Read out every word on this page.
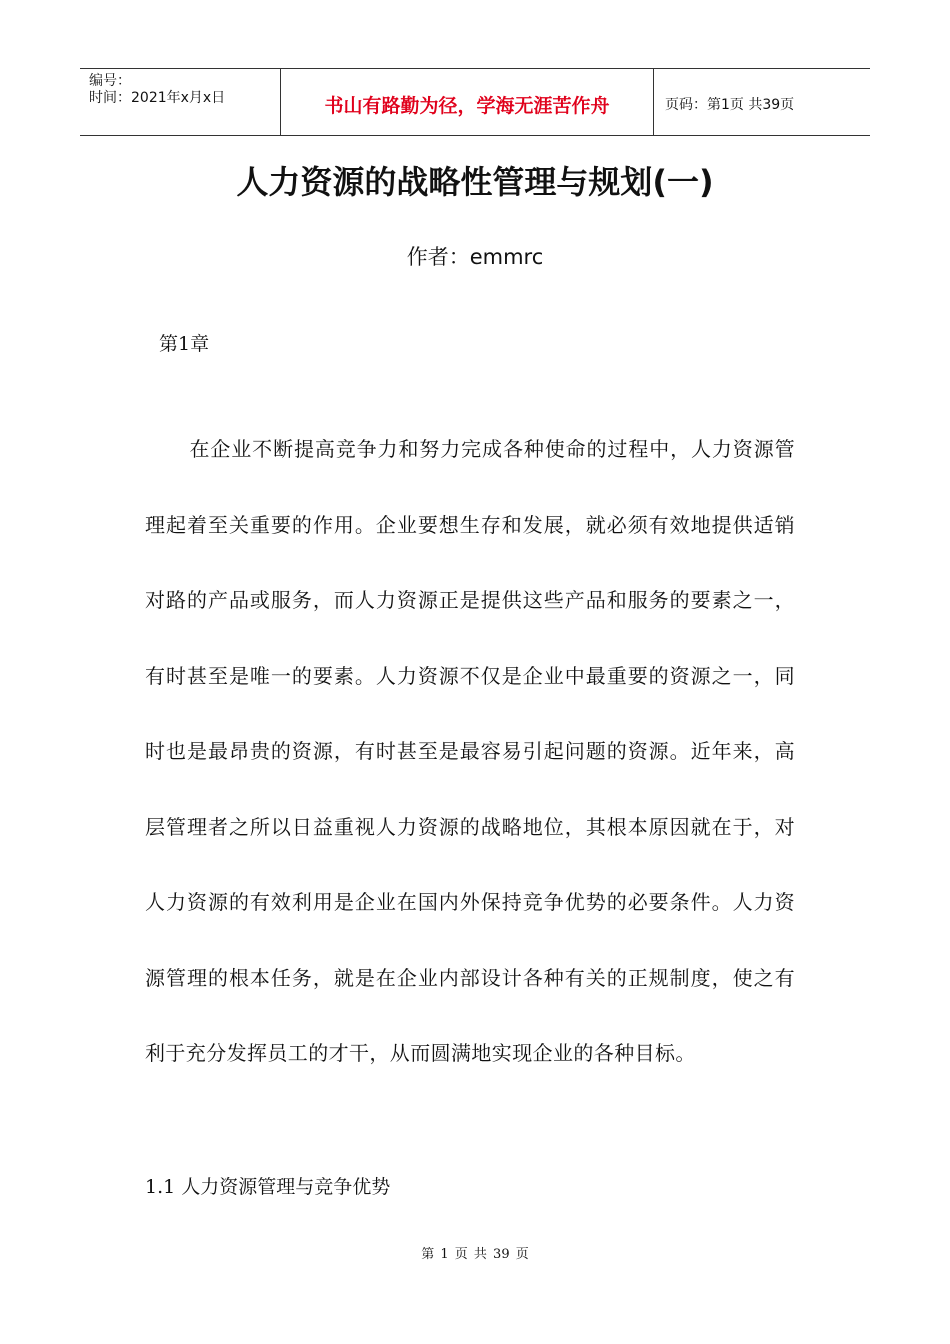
编号：
时间：2021年x月x日	书山有路勤为径，学海无涯苦作舟	页码：第1页 共39页
人力资源的战略性管理与规划(一)
作者：emmrc
第1章

在企业不断提高竞争力和努力完成各种使命的过程中，人力资源管理起着至关重要的作用。企业要想生存和发展，就必须有效地提供适销对路的产品或服务，而人力资源正是提供这些产品和服务的要素之一，有时甚至是唯一的要素。人力资源不仅是企业中最重要的资源之一，同时也是最昂贵的资源，有时甚至是最容易引起问题的资源。近年来，高层管理者之所以日益重视人力资源的战略地位，其根本原因就在于，对人力资源的有效利用是企业在国内外保持竞争优势的必要条件。人力资源管理的根本任务，就是在企业内部设计各种有关的正规制度，使之有利于充分发挥员工的才干，从而圆满地实现企业的各种目标。

1.1 人力资源管理与竞争优势
第 1 页 共 39 页
